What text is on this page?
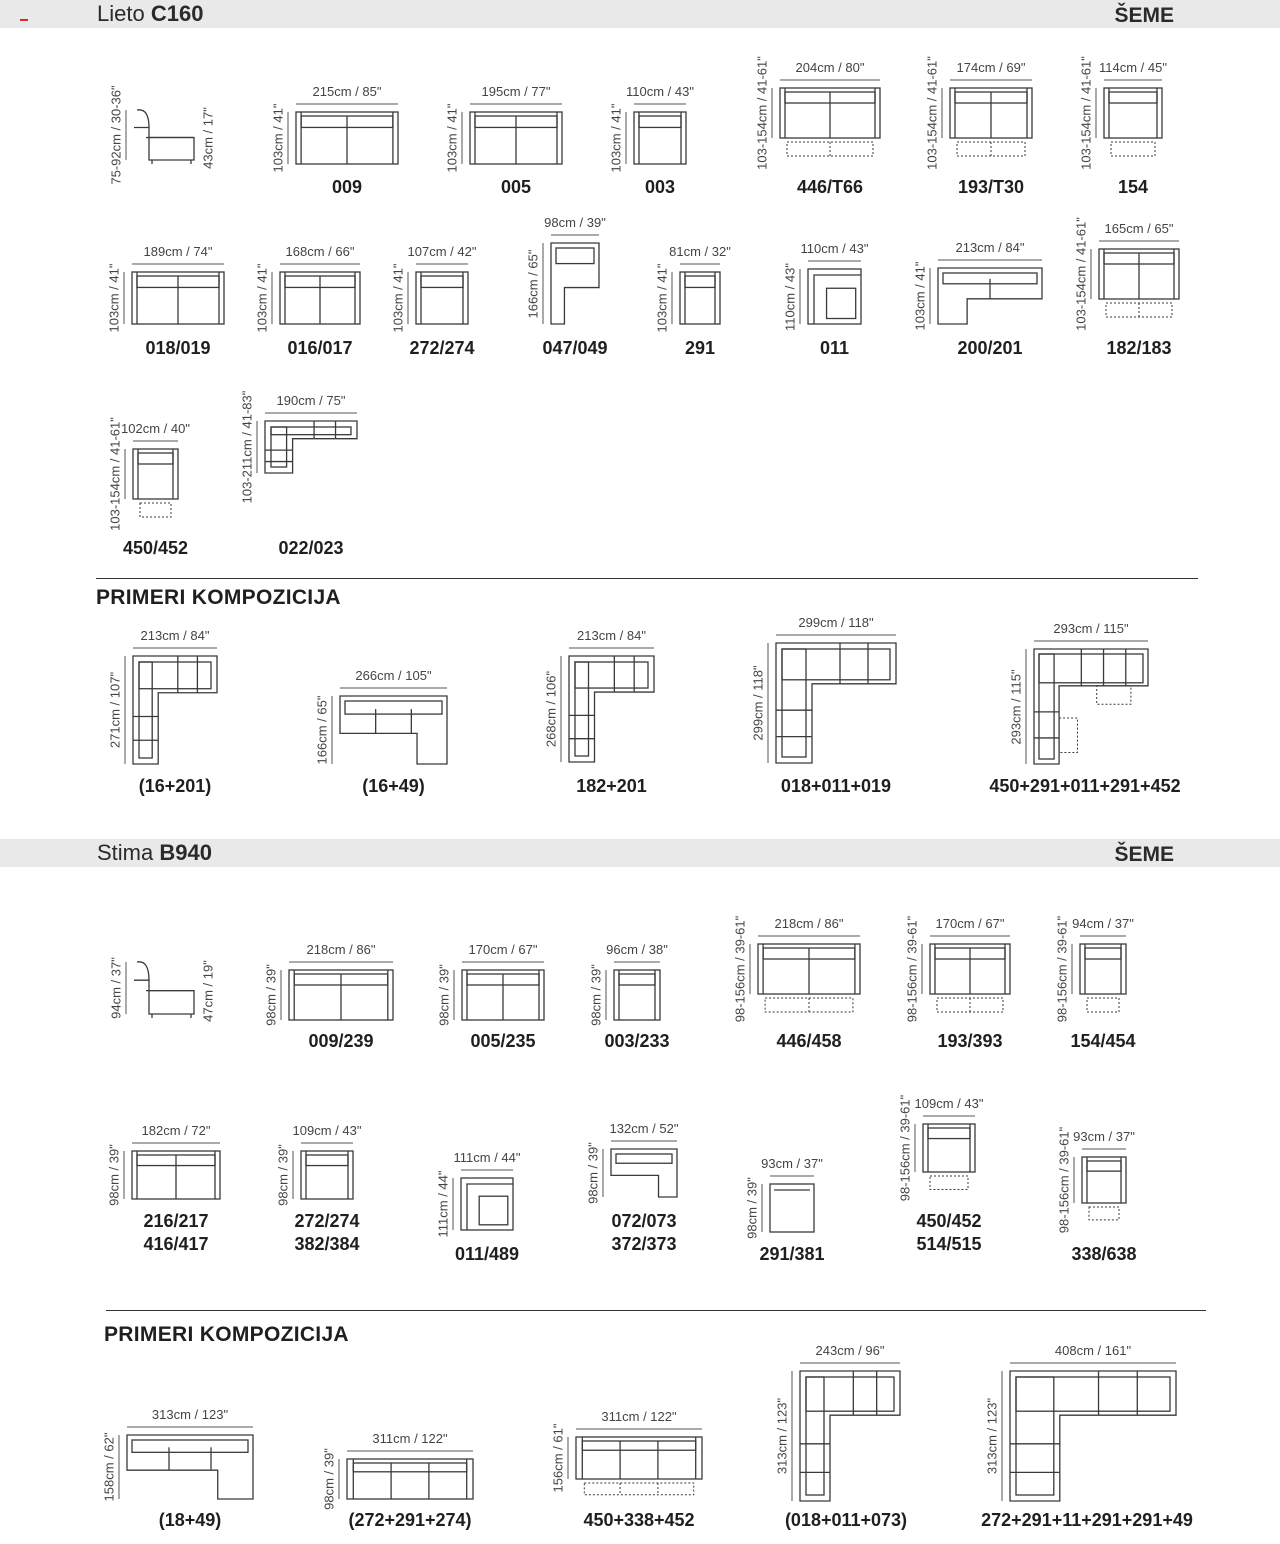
Lieto C160	ŠEME
75-92cm / 30-36"	43cm / 17"
215cm / 85"
103cm / 41"
009
195cm / 77"
103cm / 41"
005
110cm / 43"
103cm / 41"
003
204cm / 80"
103-154cm / 41-61"
446/T66
174cm / 69"
103-154cm / 41-61"
193/T30
114cm / 45"
103-154cm / 41-61"
154
189cm / 74"
103cm / 41"
018/019
168cm / 66"
103cm / 41"
016/017
107cm / 42"
103cm / 41"
272/274
98cm / 39"
166cm / 65"
047/049
81cm / 32"
103cm / 41"
291
110cm / 43"
110cm / 43"
011
213cm / 84"
103cm / 41"
200/201
165cm / 65"
103-154cm / 41-61"
182/183
102cm / 40"
103-154cm / 41-61"
450/452
190cm / 75"
103-211cm / 41-83"
022/023
PRIMERI KOMPOZICIJA
213cm / 84"
271cm / 107"
(16+201)
266cm / 105"
166cm / 65"
(16+49)
213cm / 84"
268cm / 106"
182+201
299cm / 118"
299cm / 118"
018+011+019
293cm / 115"
293cm / 115"
450+291+011+291+452
Stima B940	ŠEME
94cm / 37"	47cm / 19"
218cm / 86"
98cm / 39"
009/239
170cm / 67"
98cm / 39"
005/235
96cm / 38"
98cm / 39"
003/233
218cm / 86"
98-156cm / 39-61"
446/458
170cm / 67"
98-156cm / 39-61"
193/393
94cm / 37"
98-156cm / 39-61"
154/454
182cm / 72"
98cm / 39"
216/217
416/417
109cm / 43"
98cm / 39"
272/274
382/384
111cm / 44"
111cm / 44"
011/489
132cm / 52"
98cm / 39"
072/073
372/373
93cm / 37"
98cm / 39"
291/381
109cm / 43"
98-156cm / 39-61"
450/452
514/515
93cm / 37"
98-156cm / 39-61"
338/638
PRIMERI KOMPOZICIJA
313cm / 123"
158cm / 62"
(18+49)
311cm / 122"
98cm / 39"
(272+291+274)
311cm / 122"
156cm / 61"
450+338+452
243cm / 96"
313cm / 123"
(018+011+073)
408cm / 161"
313cm / 123"
272+291+11+291+291+49
